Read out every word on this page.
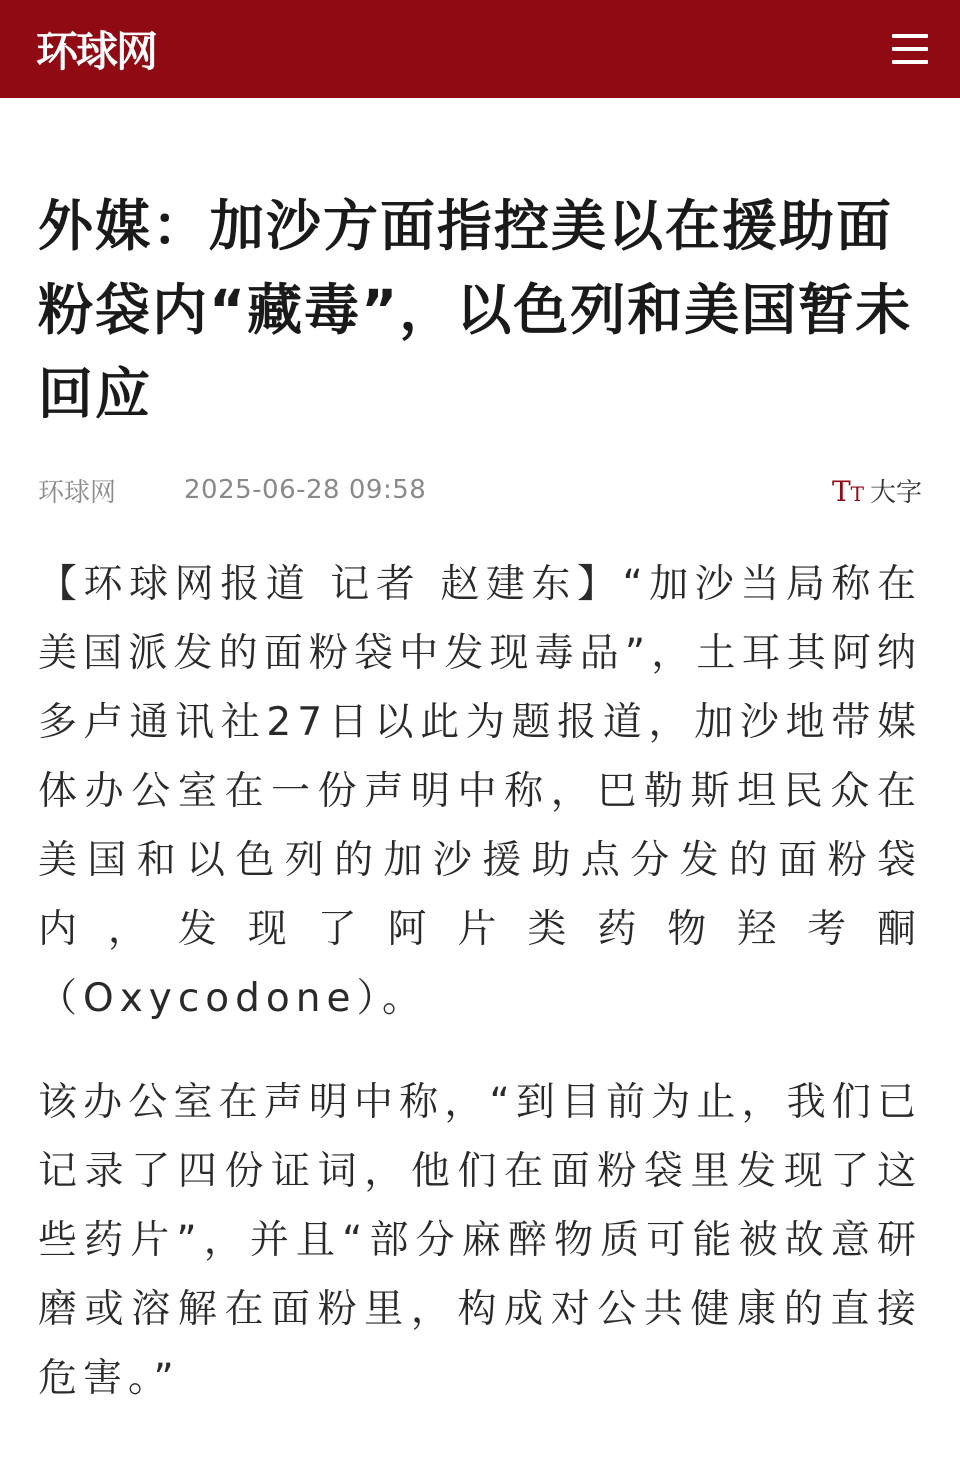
环球网
外媒：加沙方面指控美以在援助面粉袋内“藏毒”，以色列和美国暂未回应
环球网	2025-06-28 09:58	TT 大字

【环球网报道 记者 赵建东】“加沙当局称在美国派发的面粉袋中发现毒品”，土耳其阿纳多卢通讯社27日以此为题报道，加沙地带媒体办公室在一份声明中称，巴勒斯坦民众在美国和以色列的加沙援助点分发的面粉袋内，发现了阿片类药物羟考酮（Oxycodone）。

该办公室在声明中称，“到目前为止，我们已记录了四份证词，他们在面粉袋里发现了这些药片”，并且“部分麻醉物质可能被故意研磨或溶解在面粉里，构成对公共健康的直接危害。”
